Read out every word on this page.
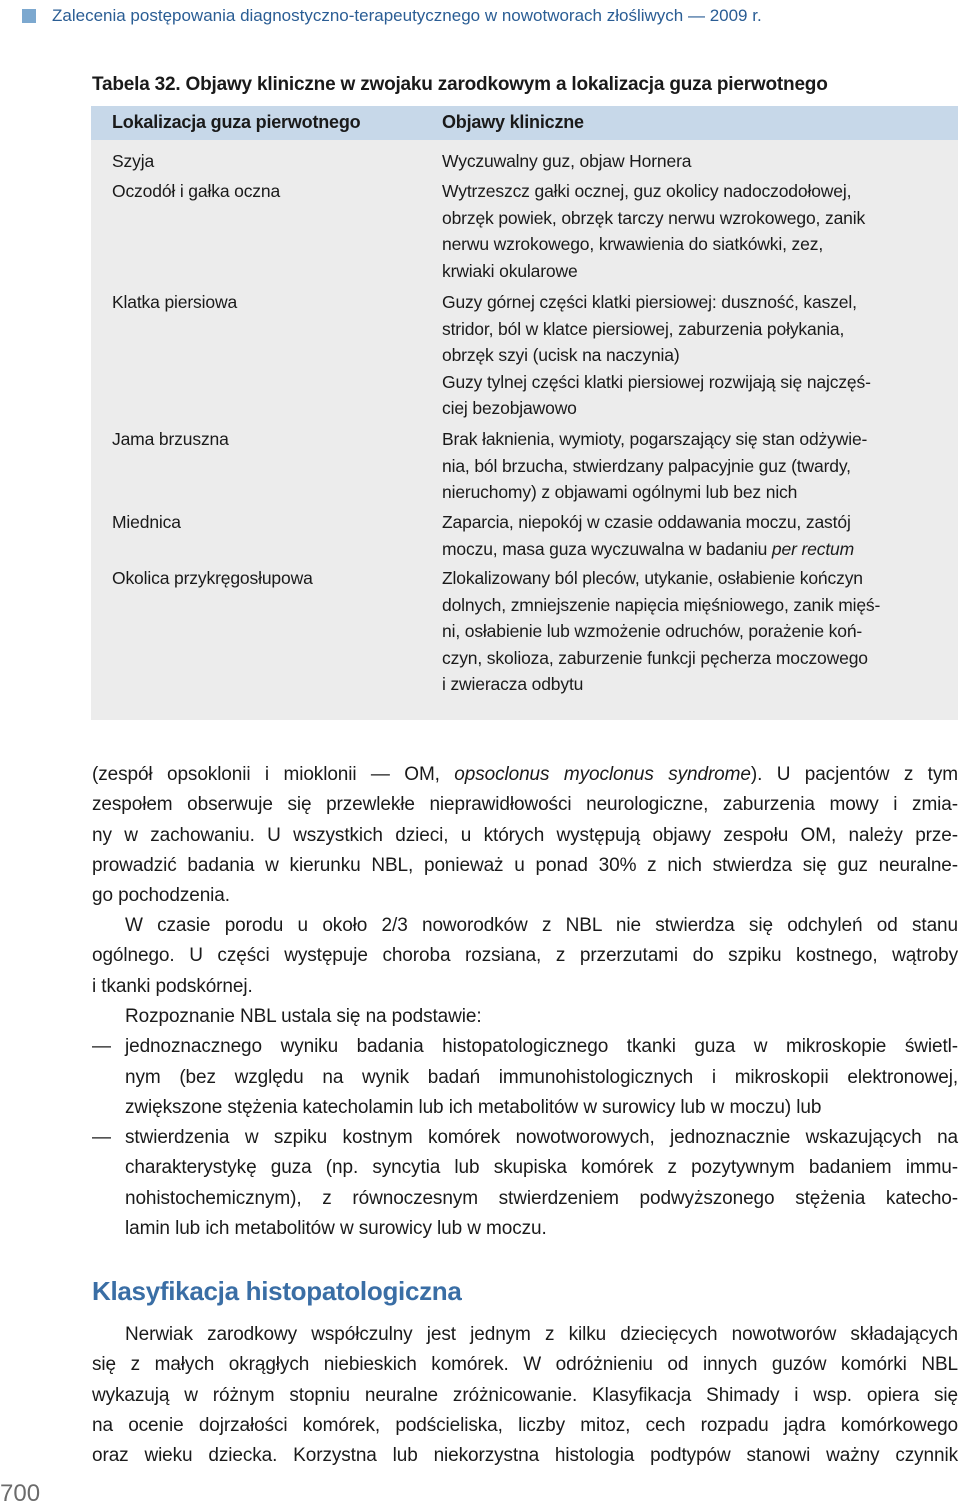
Zalecenia postępowania diagnostyczno-terapeutycznego w nowotworach złośliwych — 2009 r.
Tabela 32. Objawy kliniczne w zwojaku zarodkowym a lokalizacja guza pierwotnego
Lokalizacja guza pierwotnego	Objawy kliniczne
Szyja	Wyczuwalny guz, objaw Hornera
Oczodół i gałka oczna	Wytrzeszcz gałki ocznej, guz okolicy nadoczodołowej,
obrzęk powiek, obrzęk tarczy nerwu wzrokowego, zanik
nerwu wzrokowego, krwawienia do siatkówki, zez,
krwiaki okularowe
Klatka piersiowa	Guzy górnej części klatki piersiowej: duszność, kaszel,
stridor, ból w klatce piersiowej, zaburzenia połykania,
obrzęk szyi (ucisk na naczynia)
Guzy tylnej części klatki piersiowej rozwijają się najczęś-
ciej bezobjawowo
Jama brzuszna	Brak łaknienia, wymioty, pogarszający się stan odżywie-
nia, ból brzucha, stwierdzany palpacyjnie guz (twardy,
nieruchomy) z objawami ogólnymi lub bez nich
Miednica	Zaparcia, niepokój w czasie oddawania moczu, zastój
moczu, masa guza wyczuwalna w badaniu per rectum
Okolica przykręgosłupowa	Zlokalizowany ból pleców, utykanie, osłabienie kończyn
dolnych, zmniejszenie napięcia mięśniowego, zanik mięś-
ni, osłabienie lub wzmożenie odruchów, porażenie koń-
czyn, skolioza, zaburzenie funkcji pęcherza moczowego
i zwieracza odbytu
(zespół opsoklonii i mioklonii — OM, opsoclonus myoclonus syndrome). U pacjentów z tym
zespołem obserwuje się przewlekłe nieprawidłowości neurologiczne, zaburzenia mowy i zmia-
ny w zachowaniu. U wszystkich dzieci, u których występują objawy zespołu OM, należy prze-
prowadzić badania w kierunku NBL, ponieważ u ponad 30% z nich stwierdza się guz neuralne-
go pochodzenia.
W czasie porodu u około 2/3 noworodków z NBL nie stwierdza się odchyleń od stanu
ogólnego. U części występuje choroba rozsiana, z przerzutami do szpiku kostnego, wątroby
i tkanki podskórnej.
Rozpoznanie NBL ustala się na podstawie:
— jednoznacznego wyniku badania histopatologicznego tkanki guza w mikroskopie świetl-
nym (bez względu na wynik badań immunohistologicznych i mikroskopii elektronowej,
zwiększone stężenia katecholamin lub ich metabolitów w surowicy lub w moczu) lub
— stwierdzenia w szpiku kostnym komórek nowotworowych, jednoznacznie wskazujących na
charakterystykę guza (np. syncytia lub skupiska komórek z pozytywnym badaniem immu-
nohistochemicznym), z równoczesnym stwierdzeniem podwyższonego stężenia katecho-
lamin lub ich metabolitów w surowicy lub w moczu.
Klasyfikacja histopatologiczna
Nerwiak zarodkowy współczulny jest jednym z kilku dziecięcych nowotworów składających
się z małych okrągłych niebieskich komórek. W odróżnieniu od innych guzów komórki NBL
wykazują w różnym stopniu neuralne zróżnicowanie. Klasyfikacja Shimady i wsp. opiera się
na ocenie dojrzałości komórek, podścieliska, liczby mitoz, cech rozpadu jądra komórkowego
oraz wieku dziecka. Korzystna lub niekorzystna histologia podtypów stanowi ważny czynnik
700
